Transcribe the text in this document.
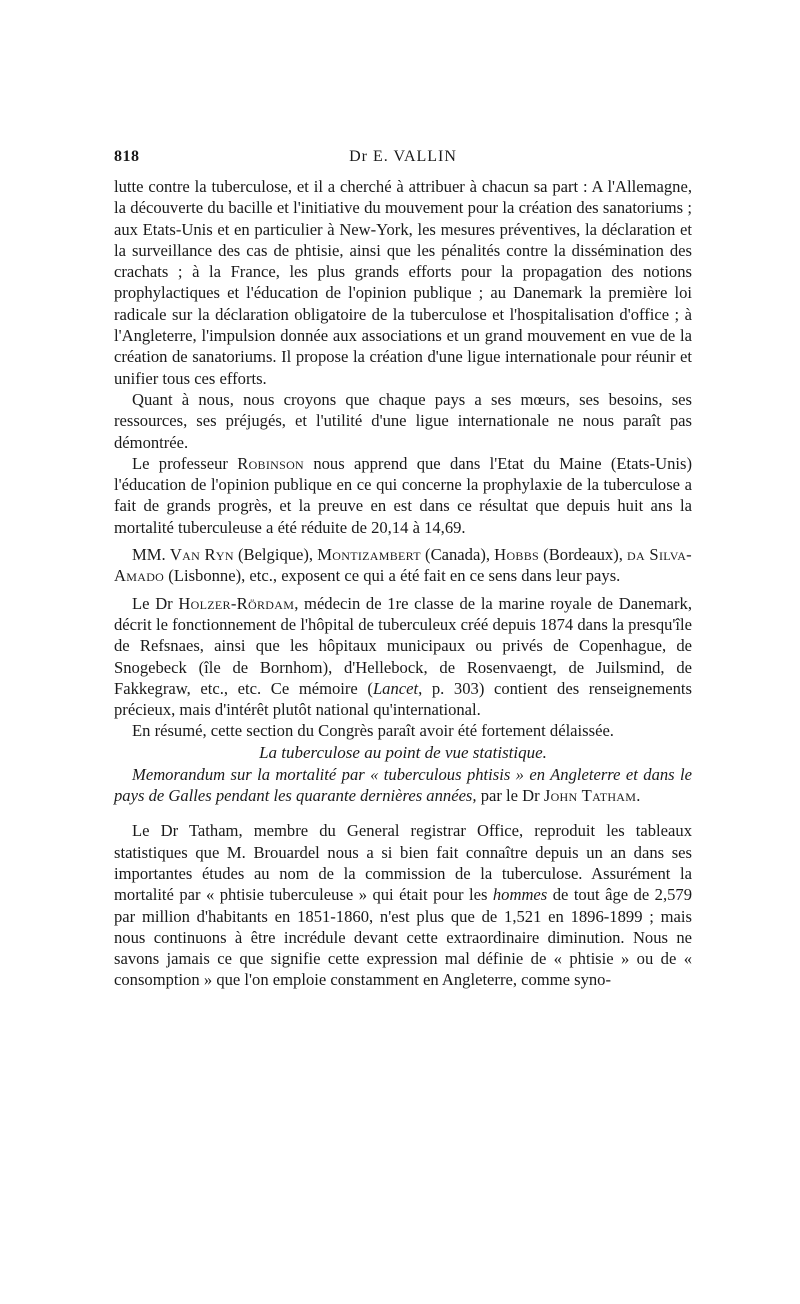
818	Dr E. VALLIN

lutte contre la tuberculose, et il a cherché à attribuer à chacun sa part : A l'Allemagne, la découverte du bacille et l'initiative du mouvement pour la création des sanatoriums ; aux Etats-Unis et en particulier à New-York, les mesures préventives, la déclaration et la surveillance des cas de phtisie, ainsi que les pénalités contre la dissémination des crachats ; à la France, les plus grands efforts pour la propagation des notions prophylactiques et l'éducation de l'opinion publique ; au Danemark la première loi radicale sur la déclaration obligatoire de la tuberculose et l'hospitalisation d'office ; à l'Angleterre, l'impulsion donnée aux associations et un grand mouvement en vue de la création de sanatoriums. Il propose la création d'une ligue internationale pour réunir et unifier tous ces efforts.

Quant à nous, nous croyons que chaque pays a ses mœurs, ses besoins, ses ressources, ses préjugés, et l'utilité d'une ligue internationale ne nous paraît pas démontrée.

Le professeur Robinson nous apprend que dans l'Etat du Maine (Etats-Unis) l'éducation de l'opinion publique en ce qui concerne la prophylaxie de la tuberculose a fait de grands progrès, et la preuve en est dans ce résultat que depuis huit ans la mortalité tuberculeuse a été réduite de 20,14 à 14,69.

MM. Van Ryn (Belgique), Montizambert (Canada), Hobbs (Bordeaux), da Silva-Amado (Lisbonne), etc., exposent ce qui a été fait en ce sens dans leur pays.

Le Dr Holzer-Rördam, médecin de 1re classe de la marine royale de Danemark, décrit le fonctionnement de l'hôpital de tuberculeux créé depuis 1874 dans la presqu'île de Refsnaes, ainsi que les hôpitaux municipaux ou privés de Copenhague, de Snogebeck (île de Bornhom), d'Hellebock, de Rosenvaengt, de Juilsmind, de Fakkegraw, etc., etc. Ce mémoire (Lancet, p. 303) contient des renseignements précieux, mais d'intérêt plutôt national qu'international.

En résumé, cette section du Congrès paraît avoir été fortement délaissée.

La tuberculose au point de vue statistique.

Memorandum sur la mortalité par « tuberculous phtisis » en Angleterre et dans le pays de Galles pendant les quarante dernières années, par le Dr John Tatham.

Le Dr Tatham, membre du General registrar Office, reproduit les tableaux statistiques que M. Brouardel nous a si bien fait connaître depuis un an dans ses importantes études au nom de la commission de la tuberculose. Assurément la mortalité par « phtisie tuberculeuse » qui était pour les hommes de tout âge de 2,579 par million d'habitants en 1851-1860, n'est plus que de 1,521 en 1896-1899 ; mais nous continuons à être incrédule devant cette extraordinaire diminution. Nous ne savons jamais ce que signifie cette expression mal définie de « phtisie » ou de « consomption » que l'on emploie constamment en Angleterre, comme syno-
